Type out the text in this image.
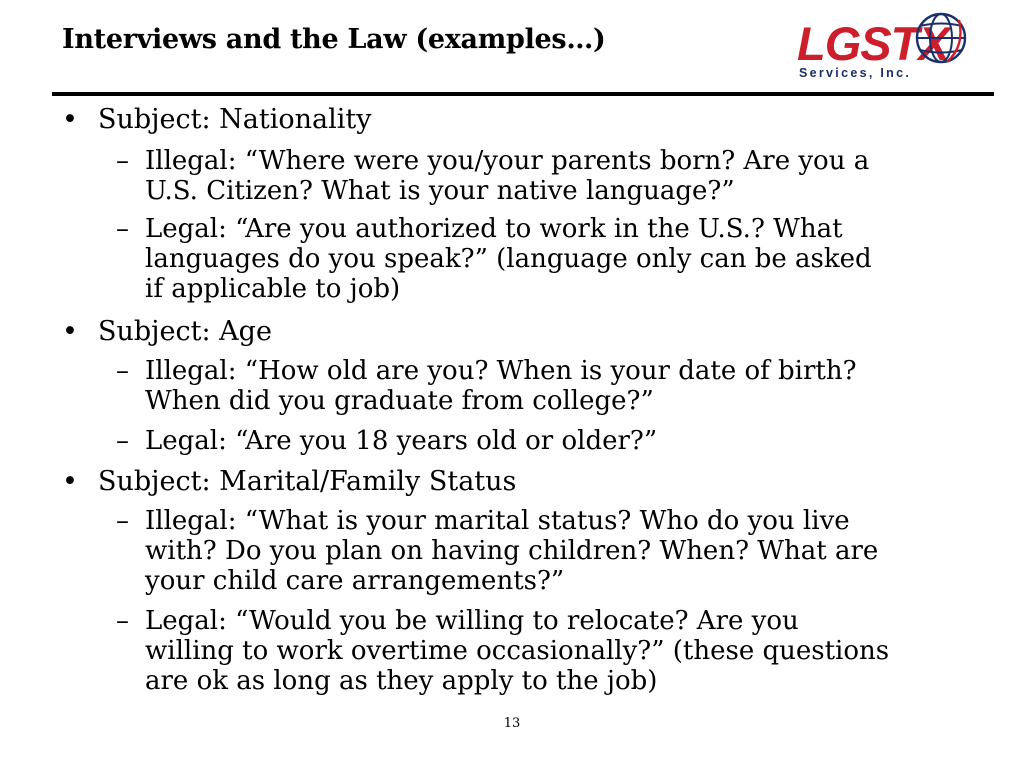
Interviews and the Law (examples…)	LGSTX
Services, Inc.
• Subject: Nationality
– Illegal: “Where were you/your parents born? Are you a
U.S. Citizen? What is your native language?”
– Legal: “Are you authorized to work in the U.S.? What
languages do you speak?” (language only can be asked
if applicable to job)
• Subject: Age
– Illegal: “How old are you? When is your date of birth?
When did you graduate from college?”
– Legal: “Are you 18 years old or older?”
• Subject: Marital/Family Status
– Illegal: “What is your marital status? Who do you live
with? Do you plan on having children? When? What are
your child care arrangements?”
– Legal: “Would you be willing to relocate? Are you
willing to work overtime occasionally?” (these questions
are ok as long as they apply to the job)
13
